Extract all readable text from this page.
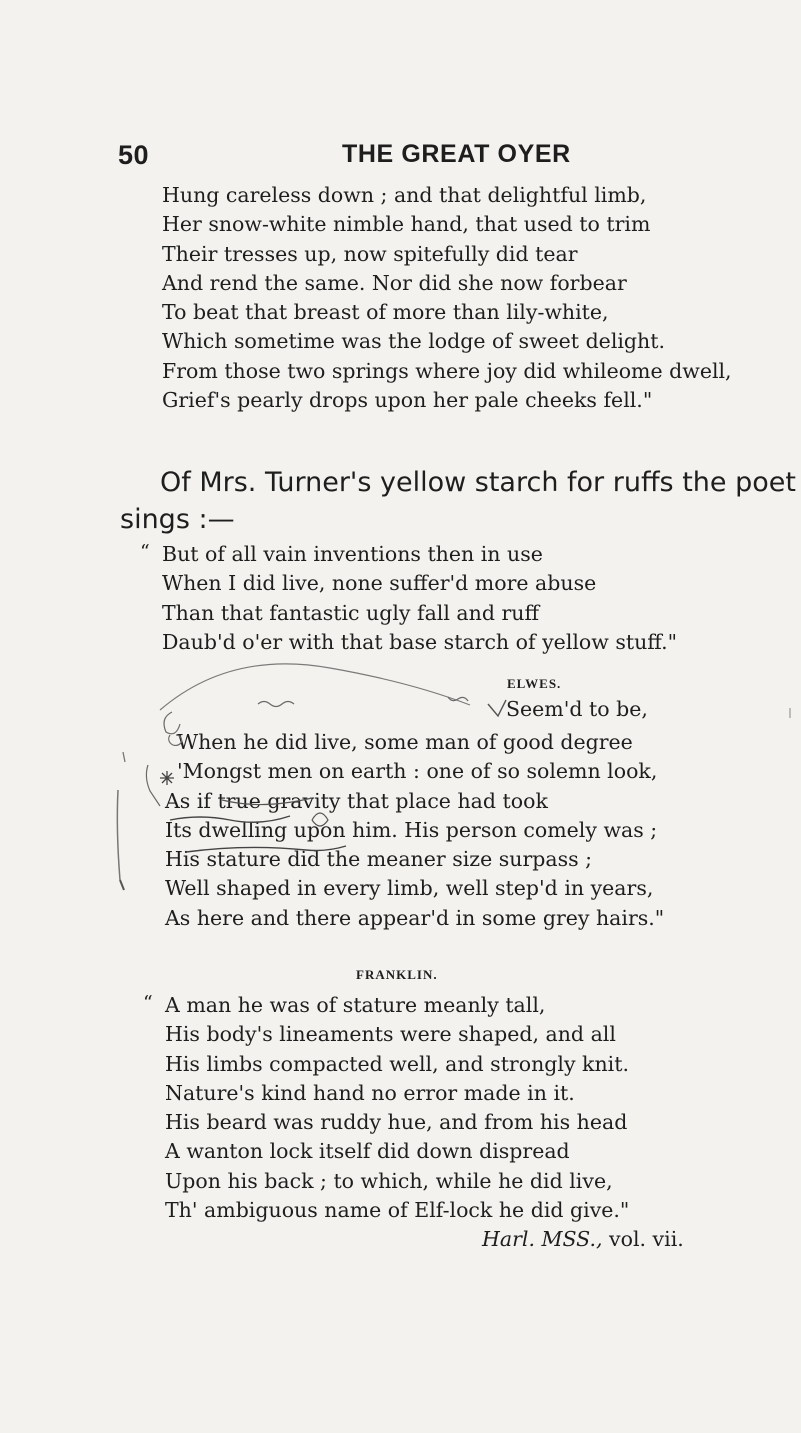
50	THE GREAT OYER
Hung careless down ; and that delightful limb,
Her snow-white nimble hand, that used to trim
Their tresses up, now spitefully did tear
And rend the same. Nor did she now forbear
To beat that breast of more than lily-white,
Which sometime was the lodge of sweet delight.
From those two springs where joy did whileome dwell,
Grief's pearly drops upon her pale cheeks fell."
Of Mrs. Turner's yellow starch for ruffs the poet
sings :—
“ But of all vain inventions then in use
When I did live, none suffer'd more abuse
Than that fantastic ugly fall and ruff
Daub'd o'er with that base starch of yellow stuff."
ELWES.
Seem'd to be,
When he did live, some man of good degree
'Mongst men on earth : one of so solemn look,
As if true gravity that place had took
Its dwelling upon him. His person comely was ;
His stature did the meaner size surpass ;
Well shaped in every limb, well step'd in years,
As here and there appear'd in some grey hairs."
FRANKLIN.
“ A man he was of stature meanly tall,
His body's lineaments were shaped, and all
His limbs compacted well, and strongly knit.
Nature's kind hand no error made in it.
His beard was ruddy hue, and from his head
A wanton lock itself did down dispread
Upon his back ; to which, while he did live,
Th' ambiguous name of Elf-lock he did give."
Harl. MSS., vol. vii.
